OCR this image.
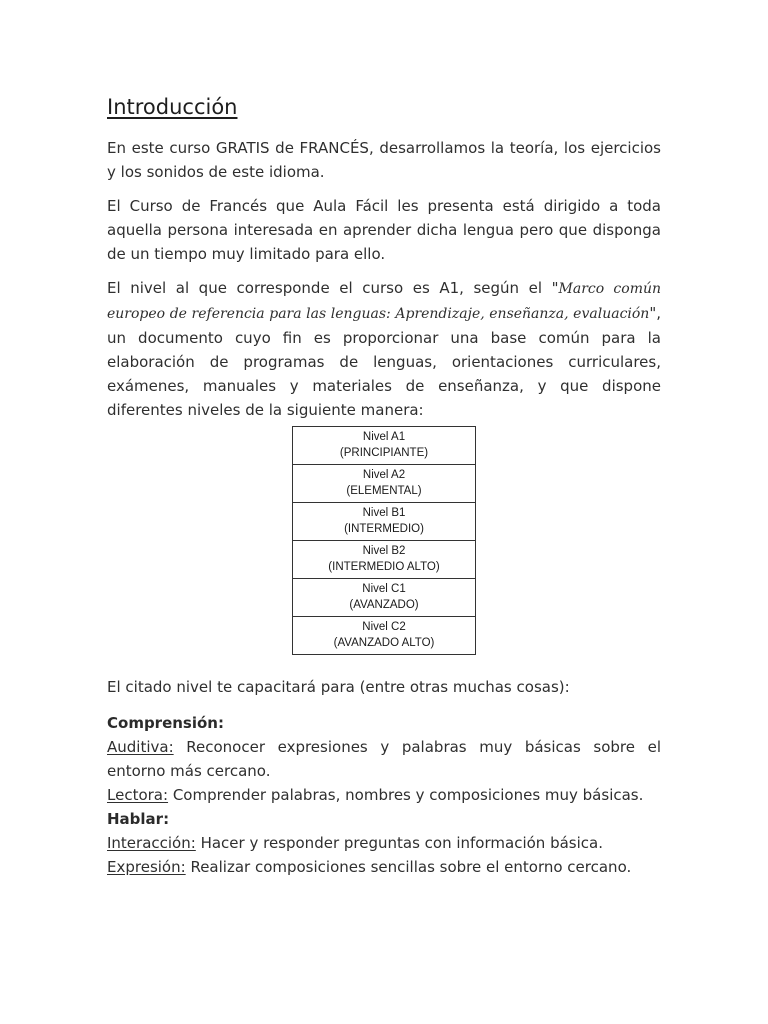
Introducción

En este curso GRATIS de FRANCÉS, desarrollamos la teoría, los ejercicios y los sonidos de este idioma.

El Curso de Francés que Aula Fácil les presenta está dirigido a toda aquella persona interesada en aprender dicha lengua pero que disponga de un tiempo muy limitado para ello.

El nivel al que corresponde el curso es A1, según el "Marco común europeo de referencia para las lenguas: Aprendizaje, enseñanza, evaluación", un documento cuyo fin es proporcionar una base común para la elaboración de programas de lenguas, orientaciones curriculares, exámenes, manuales y materiales de enseñanza, y que dispone diferentes niveles de la siguiente manera:

Nivel A1
(PRINCIPIANTE)

Nivel A2
(ELEMENTAL)

Nivel B1
(INTERMEDIO)

Nivel B2
(INTERMEDIO ALTO)

Nivel C1
(AVANZADO)

Nivel C2
(AVANZADO ALTO)

El citado nivel te capacitará para (entre otras muchas cosas):

Comprensión:
Auditiva: Reconocer expresiones y palabras muy básicas sobre el entorno más cercano.
Lectora: Comprender palabras, nombres y composiciones muy básicas.
Hablar:
Interacción: Hacer y responder preguntas con información básica.
Expresión: Realizar composiciones sencillas sobre el entorno cercano.
